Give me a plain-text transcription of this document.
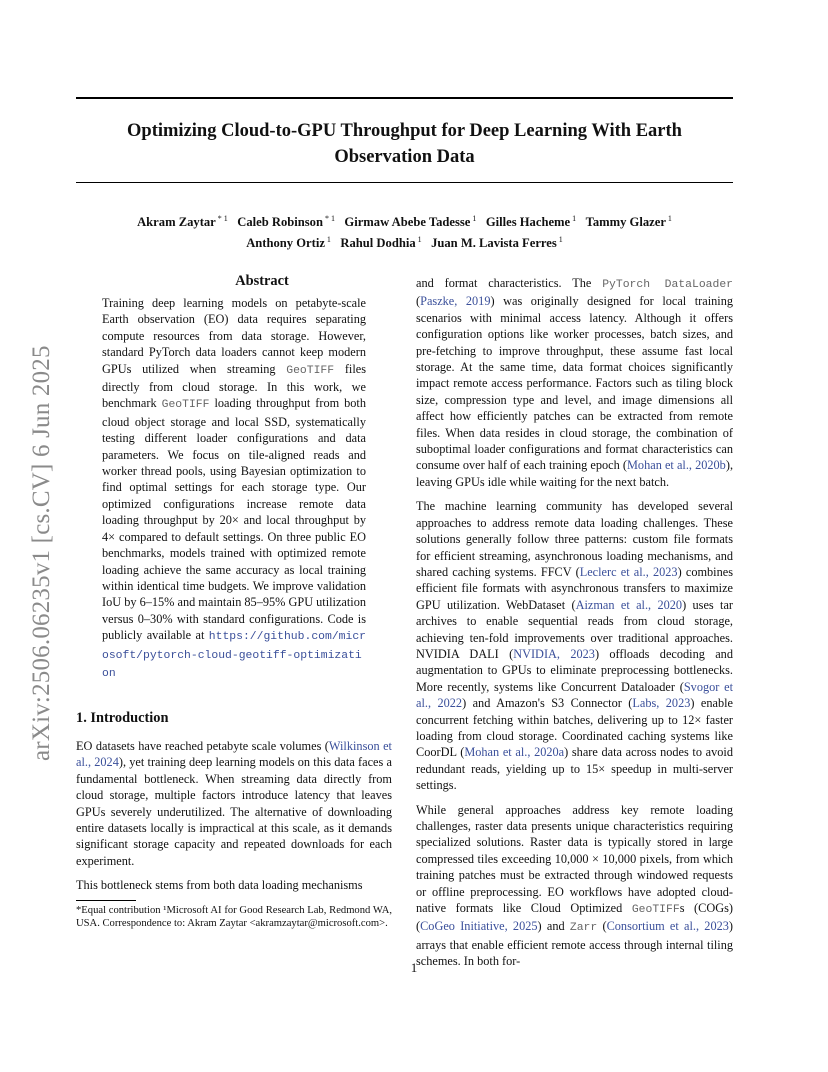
arXiv:2506.06235v1 [cs.CV] 6 Jun 2025
Optimizing Cloud-to-GPU Throughput for Deep Learning With Earth Observation Data
Akram Zaytar $^{* 1}$ Caleb Robinson $^{* 1}$ Girmaw Abebe Tadesse $^1$ Gilles Hacheme $^1$ Tammy Glazer $^1$
Anthony Ortiz $^1$ Rahul Dodhia $^1$ Juan M. Lavista Ferres $^1$
Abstract

Training deep learning models on petabyte-scale Earth observation (EO) data requires separating compute resources from data storage. However, standard PyTorch data loaders cannot keep modern GPUs utilized when streaming GeoTIFF files directly from cloud storage. In this work, we benchmark GeoTIFF loading throughput from both cloud object storage and local SSD, systematically testing different loader configurations and data parameters. We focus on tile-aligned reads and worker thread pools, using Bayesian optimization to find optimal settings for each storage type. Our optimized configurations increase remote data loading throughput by 20× and local throughput by 4× compared to default settings. On three public EO benchmarks, models trained with optimized remote loading achieve the same accuracy as local training within identical time budgets. We improve validation IoU by 6–15% and maintain 85–95% GPU utilization versus 0–30% with standard configurations. Code is publicly available at https://github.com/microsoft/pytorch-cloud-geotiff-optimization

1. Introduction

EO datasets have reached petabyte scale volumes (Wilkinson et al., 2024), yet training deep learning models on this data faces a fundamental bottleneck. When streaming data directly from cloud storage, multiple factors introduce latency that leaves GPUs severely underutilized. The alternative of downloading entire datasets locally is impractical at this scale, as it demands significant storage capacity and repeated downloads for each experiment.

This bottleneck stems from both data loading mechanisms

*Equal contribution ¹Microsoft AI for Good Research Lab, Redmond WA, USA. Correspondence to: Akram Zaytar <akramzaytar@microsoft.com>.

and format characteristics. The PyTorch DataLoader (Paszke, 2019) was originally designed for local training scenarios with minimal access latency. Although it offers configuration options like worker processes, batch sizes, and pre-fetching to improve throughput, these assume fast local storage. At the same time, data format choices significantly impact remote access performance. Factors such as tiling block size, compression type and level, and image dimensions all affect how efficiently patches can be extracted from remote files. When data resides in cloud storage, the combination of suboptimal loader configurations and format characteristics can consume over half of each training epoch (Mohan et al., 2020b), leaving GPUs idle while waiting for the next batch.

The machine learning community has developed several approaches to address remote data loading challenges. These solutions generally follow three patterns: custom file formats for efficient streaming, asynchronous loading mechanisms, and shared caching systems. FFCV (Leclerc et al., 2023) combines efficient file formats with asynchronous transfers to maximize GPU utilization. WebDataset (Aizman et al., 2020) uses tar archives to enable sequential reads from cloud storage, achieving ten-fold improvements over traditional approaches. NVIDIA DALI (NVIDIA, 2023) offloads decoding and augmentation to GPUs to eliminate preprocessing bottlenecks. More recently, systems like Concurrent Dataloader (Svogor et al., 2022) and Amazon's S3 Connector (Labs, 2023) enable concurrent fetching within batches, delivering up to 12× faster loading from cloud storage. Coordinated caching systems like CoorDL (Mohan et al., 2020a) share data across nodes to avoid redundant reads, yielding up to 15× speedup in multi-server settings.

While general approaches address key remote loading challenges, raster data presents unique characteristics requiring specialized solutions. Raster data is typically stored in large compressed tiles exceeding 10,000 × 10,000 pixels, from which training patches must be extracted through windowed requests or offline preprocessing. EO workflows have adopted cloud-native formats like Cloud Optimized GeoTIFFs (COGs) (CoGeo Initiative, 2025) and Zarr (Consortium et al., 2023) arrays that enable efficient remote access through internal tiling schemes. In both for-

1
